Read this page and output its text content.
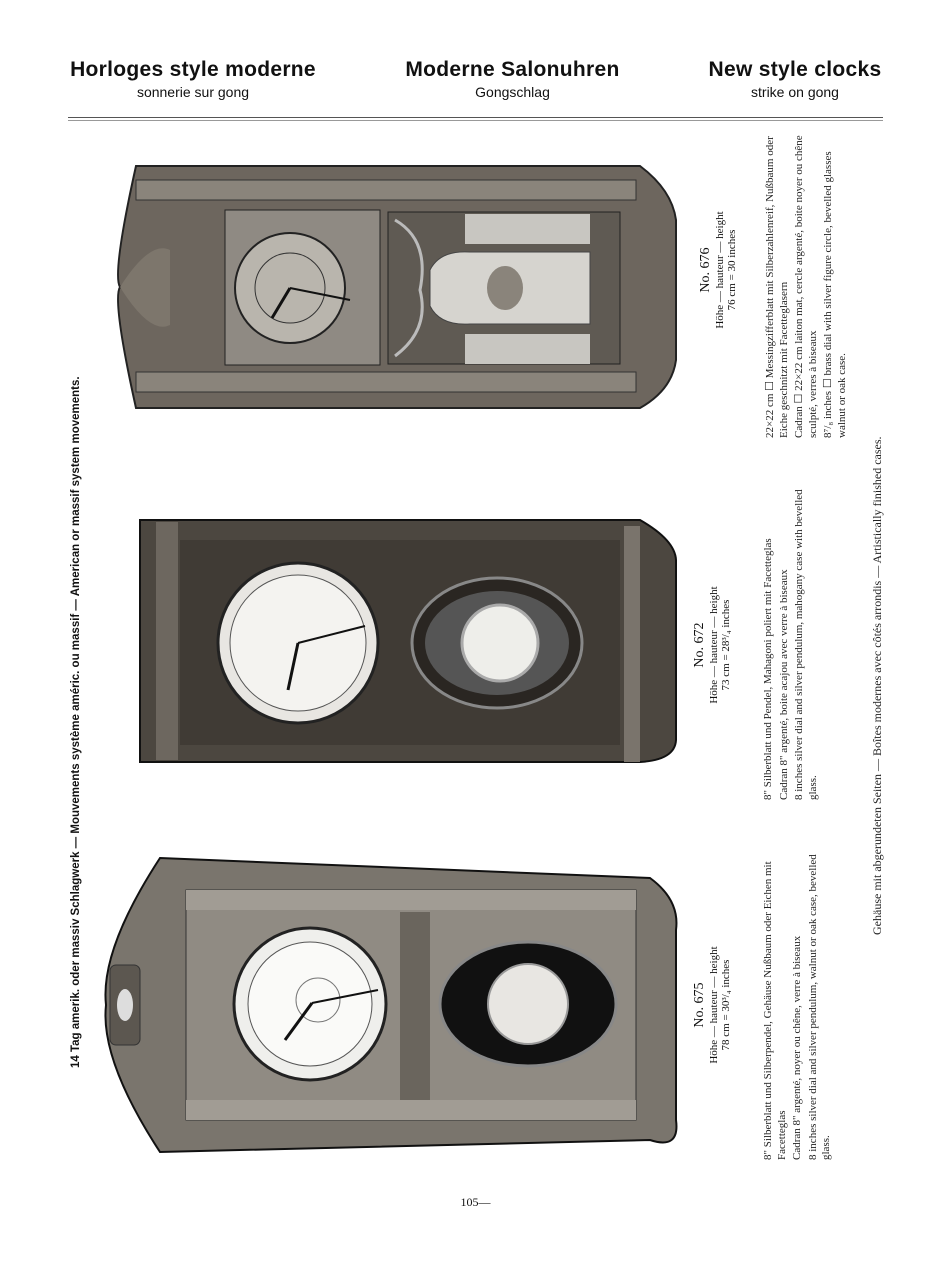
Horloges style moderne
sonnerie sur gong
Moderne Salonuhren
Gongschlag
New style clocks
strike on gong
14 Tag amerik. oder massiv Schlagwerk — Mouvements système améric. ou massif — American or massif system movements.
No. 676 Höhe — hauteur — height 76 cm = 30 inches 22×22 cm ☐ Messingzifferblatt mit Silberzahlenreif, Nußbaum oder Eiche geschnitzt mit Facetteglasern Cadran ☐ 22×22 cm laiton mat, cercle argenté, boite noyer ou chêne sculpté, verres à biseaux 8⁷/₈ inches ☐ brass dial with silver figure circle, bevelled glasses walnut or oak case.

No. 672 Höhe — hauteur — height 73 cm = 28³/₄ inches	8" Silberblatt und Pendel, Mahagoni poliert mit Facetteglas Cadran 8" argenté, boite acajou avec verre à biseaux 8 inches silver dial and silver pendulum, mahogany case with bevelled glass.

No. 675 Höhe — hauteur — height 78 cm = 30³/₄ inches	8" Silberblatt und Silberpendel, Gehäuse Nußbaum oder Eichen mit Facetteglas Cadran 8" argenté, noyer ou chêne, verre à biseaux 8 inches silver dial and silver pendulum, walnut or oak case, bevelled glass.

Gehäuse mit abgerundeten Seiten — Boîtes modernes avec côtés arrondis — Artistically finished cases.
105—
